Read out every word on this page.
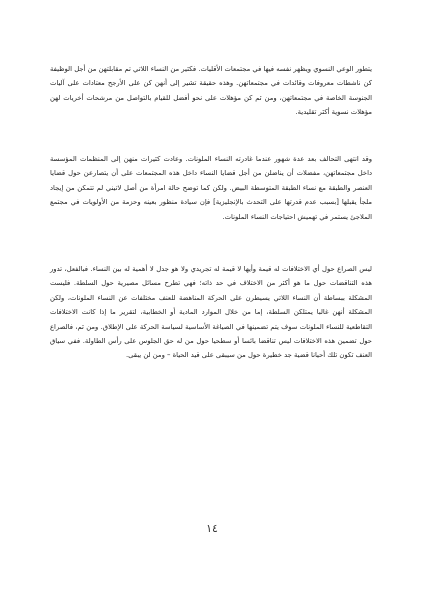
يتطور الوعي النسوي ويظهر نفسه فيها في مجتمعات الأقليات. فكثير من النساء اللاتي تم مقابلتهن من أجل الوظيفة كن ناشطات معروفات وقائدات في مجتمعاتهن. وهذه حقيقة تشير إلى أنهن كن على الأرجح معتادات على آليات الجنوسة الخاصة في مجتمعاتهن، ومن ثم كن مؤهلات على نحو أفضل للقيام بالتواصل من مرشحات أخريات لهن مؤهلات نسوية أكثر تقليدية.

وقد انتهى التحالف بعد عدة شهور عندما غادرته النساء الملونات. وعادت كثيرات منهن إلى المنظمات المؤسسة داخل مجتمعاتهن، مفضلات أن يناضلن من أجل قضايا النساء داخل هذه المجتمعات على أن يتصارعن حول قضايا العنصر والطبقة مع نساء الطبقة المتوسطة البيض. ولكن كما توضح حالة امرأة من أصل لاتيني لم تتمكن من إيجاد ملجأ يقبلها [بسبب عدم قدرتها على التحدث بالإنجليزية] فإن سيادة منظور بعينه وحزمة من الأولويات في مجتمع الملاجئ يستمر في تهميش احتياجات النساء الملونات.

ليس الصراع حول أي الاختلافات له قيمة وأيها لا قيمة له تجريدي ولا هو جدل لا أهمية له بين النساء. فبالفعل، تدور هذه التناقضات حول ما هو أكثر من الاختلاف في حد ذاته؛ فهي تطرح مسائل مصيرية حول السلطة. فليست المشكلة ببساطة أن النساء اللاتي يسيطرن على الحركة المناهضة للعنف مختلفات عن النساء الملونات، ولكن المشكلة أنهن غالبا يمتلكن السلطة، إما من خلال الموارد المادية أو الخطابية، لتقرير ما إذا كانت الاختلافات التقاطعية للنساء الملونات سوف يتم تضمينها في الصياغة الأساسية لسياسة الحركة على الإطلاق. ومن ثم، فالصراع حول تضمين هذه الاختلافات ليس تناقضا بائسا أو سطحيا حول من له حق الجلوس على رأس الطاولة. ففي سياق العنف تكون تلك أحيانا قضية جد خطيرة حول من سيبقى على قيد الحياة – ومن لن يبقى.

١٤
